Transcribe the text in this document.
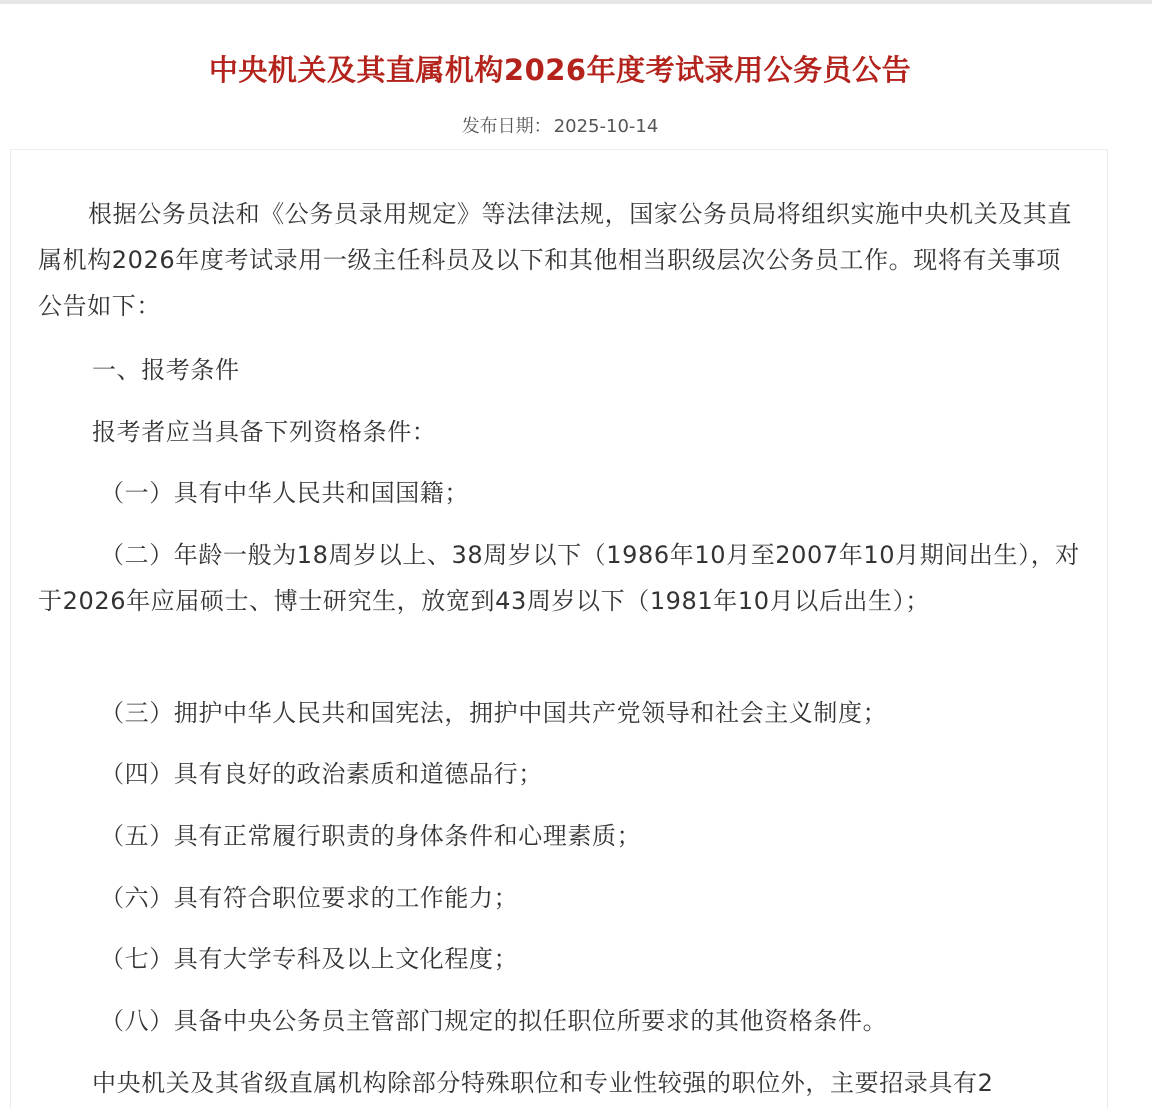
中央机关及其直属机构2026年度考试录用公务员公告
发布日期： 2025-10-14
根据公务员法和《公务员录用规定》等法律法规，国家公务员局将组织实施中央机关及其直属机构2026年度考试录用一级主任科员及以下和其他相当职级层次公务员工作。现将有关事项公告如下：
一、报考条件
报考者应当具备下列资格条件：
（一）具有中华人民共和国国籍；
（二）年龄一般为18周岁以上、38周岁以下（1986年10月至2007年10月期间出生），对于2026年应届硕士、博士研究生，放宽到43周岁以下（1981年10月以后出生）；
（三）拥护中华人民共和国宪法，拥护中国共产党领导和社会主义制度；
（四）具有良好的政治素质和道德品行；
（五）具有正常履行职责的身体条件和心理素质；
（六）具有符合职位要求的工作能力；
（七）具有大学专科及以上文化程度；
（八）具备中央公务员主管部门规定的拟任职位所要求的其他资格条件。
中央机关及其省级直属机构除部分特殊职位和专业性较强的职位外，主要招录具有2
